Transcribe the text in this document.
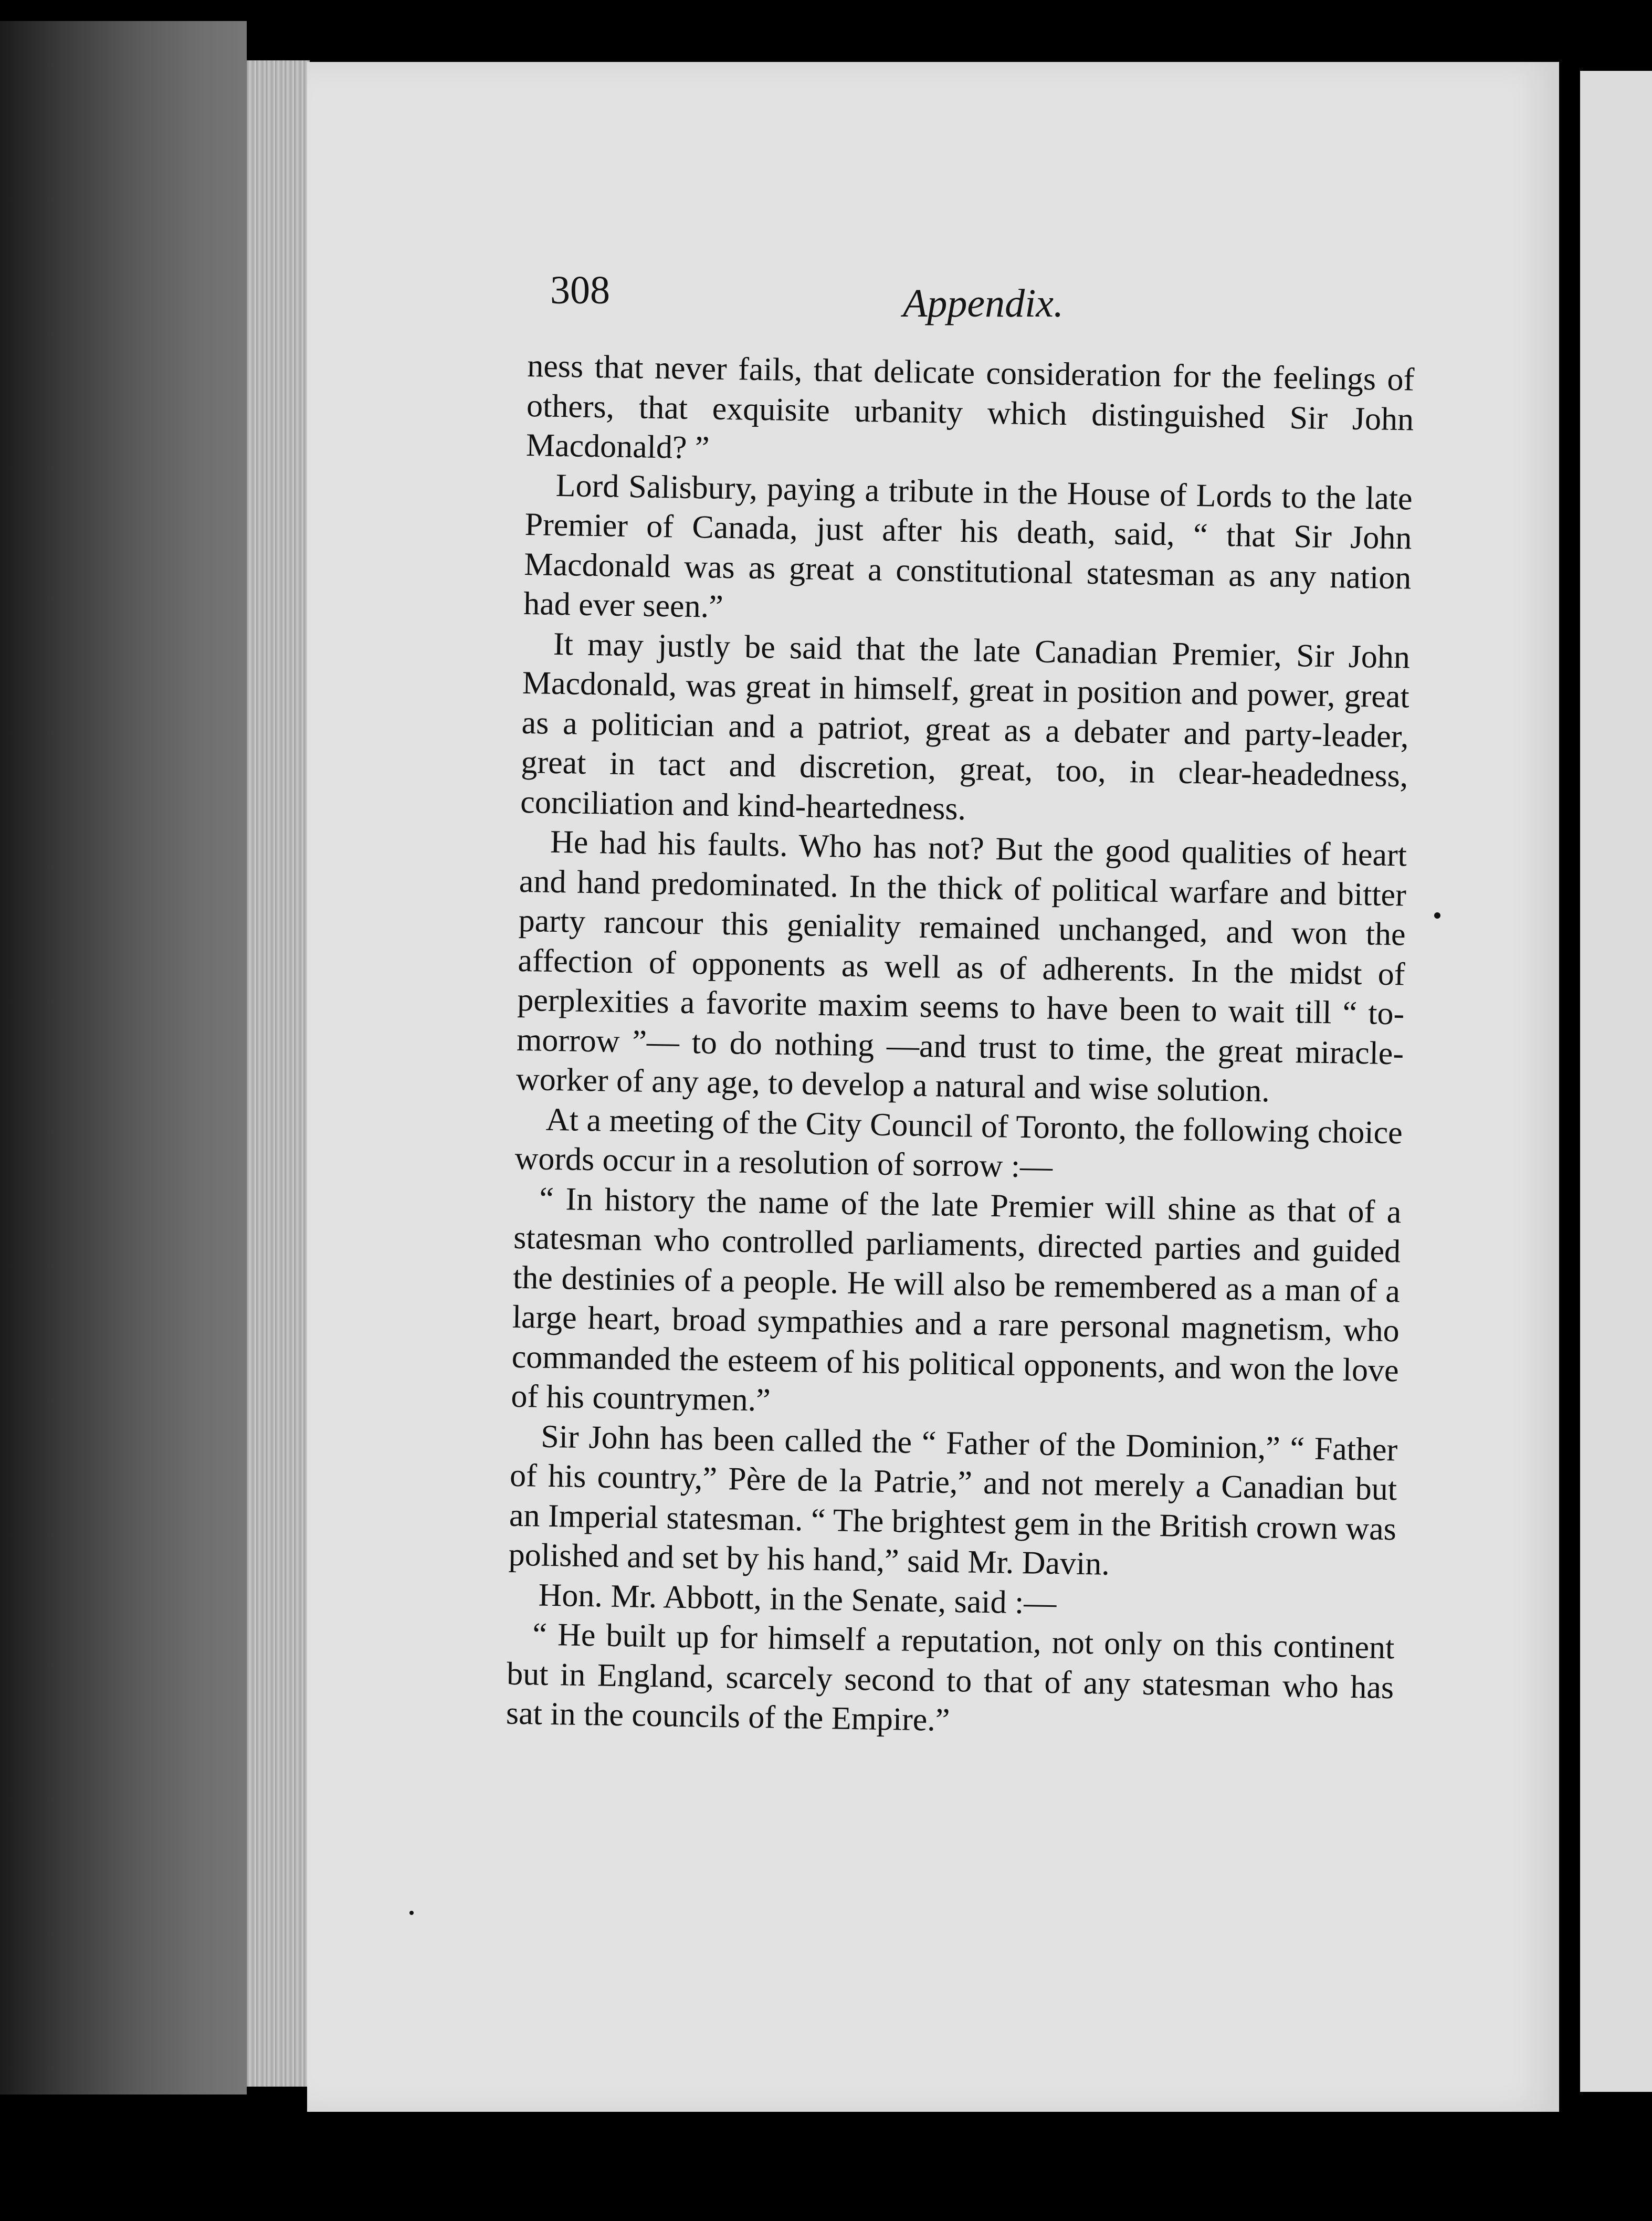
308	Appendix.

ness that never fails, that delicate consideration for the feelings of others, that exquisite urbanity which distinguished Sir John Macdonald? ”

Lord Salisbury, paying a tribute in the House of Lords to the late Premier of Canada, just after his death, said, “ that Sir John Macdonald was as great a constitutional statesman as any nation had ever seen.”

It may justly be said that the late Canadian Premier, Sir John Macdonald, was great in himself, great in position and power, great as a politician and a patriot, great as a debater and party-leader, great in tact and discretion, great, too, in clear-headedness, conciliation and kind-heartedness.

He had his faults. Who has not? But the good qualities of heart and hand predominated. In the thick of political warfare and bitter party rancour this geniality remained unchanged, and won the affection of opponents as well as of adherents. In the midst of perplexities a favorite maxim seems to have been to wait till “ to-morrow ”— to do nothing —and trust to time, the great miracle-worker of any age, to develop a natural and wise solution.

At a meeting of the City Council of Toronto, the following choice words occur in a resolution of sorrow :—

“ In history the name of the late Premier will shine as that of a statesman who controlled parliaments, directed parties and guided the destinies of a people. He will also be remembered as a man of a large heart, broad sympathies and a rare personal magnetism, who commanded the esteem of his political opponents, and won the love of his countrymen.”

Sir John has been called the “ Father of the Dominion,” “ Father of his country,” Père de la Patrie,” and not merely a Canadian but an Imperial statesman. “ The brightest gem in the British crown was polished and set by his hand,” said Mr. Davin.

Hon. Mr. Abbott, in the Senate, said :—

“ He built up for himself a reputation, not only on this continent but in England, scarcely second to that of any statesman who has sat in the councils of the Empire.”
